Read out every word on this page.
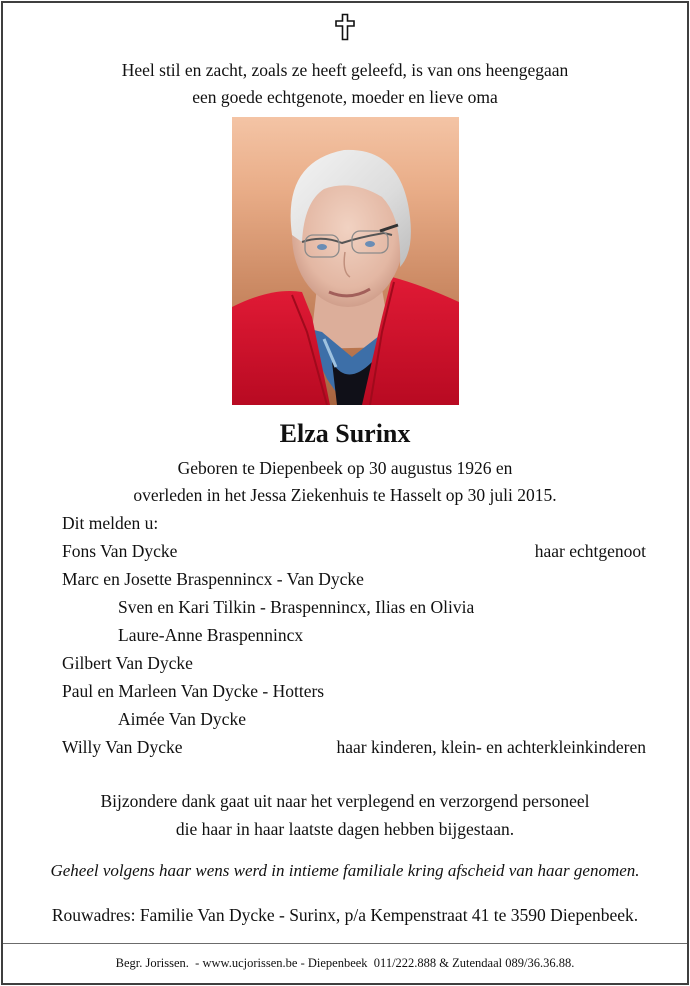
Heel stil en zacht, zoals ze heeft geleefd, is van ons heengegaan
een goede echtgenote, moeder en lieve oma
Elza Surinx
Geboren te Diepenbeek op 30 augustus 1926 en
overleden in het Jessa Ziekenhuis te Hasselt op 30 juli 2015.
Dit melden u:
Fons Van Dycke	haar echtgenoot
Marc en Josette Braspennincx - Van Dycke
Sven en Kari Tilkin - Braspennincx, Ilias en Olivia
Laure-Anne Braspennincx
Gilbert Van Dycke
Paul en Marleen Van Dycke - Hotters
Aimée Van Dycke
Willy Van Dycke	haar kinderen, klein- en achterkleinkinderen
Bijzondere dank gaat uit naar het verplegend en verzorgend personeel
die haar in haar laatste dagen hebben bijgestaan.
Geheel volgens haar wens werd in intieme familiale kring afscheid van haar genomen.
Rouwadres: Familie Van Dycke - Surinx, p/a Kempenstraat 41 te 3590 Diepenbeek.
Begr. Jorissen.  - www.ucjorissen.be - Diepenbeek  011/222.888 & Zutendaal 089/36.36.88.
